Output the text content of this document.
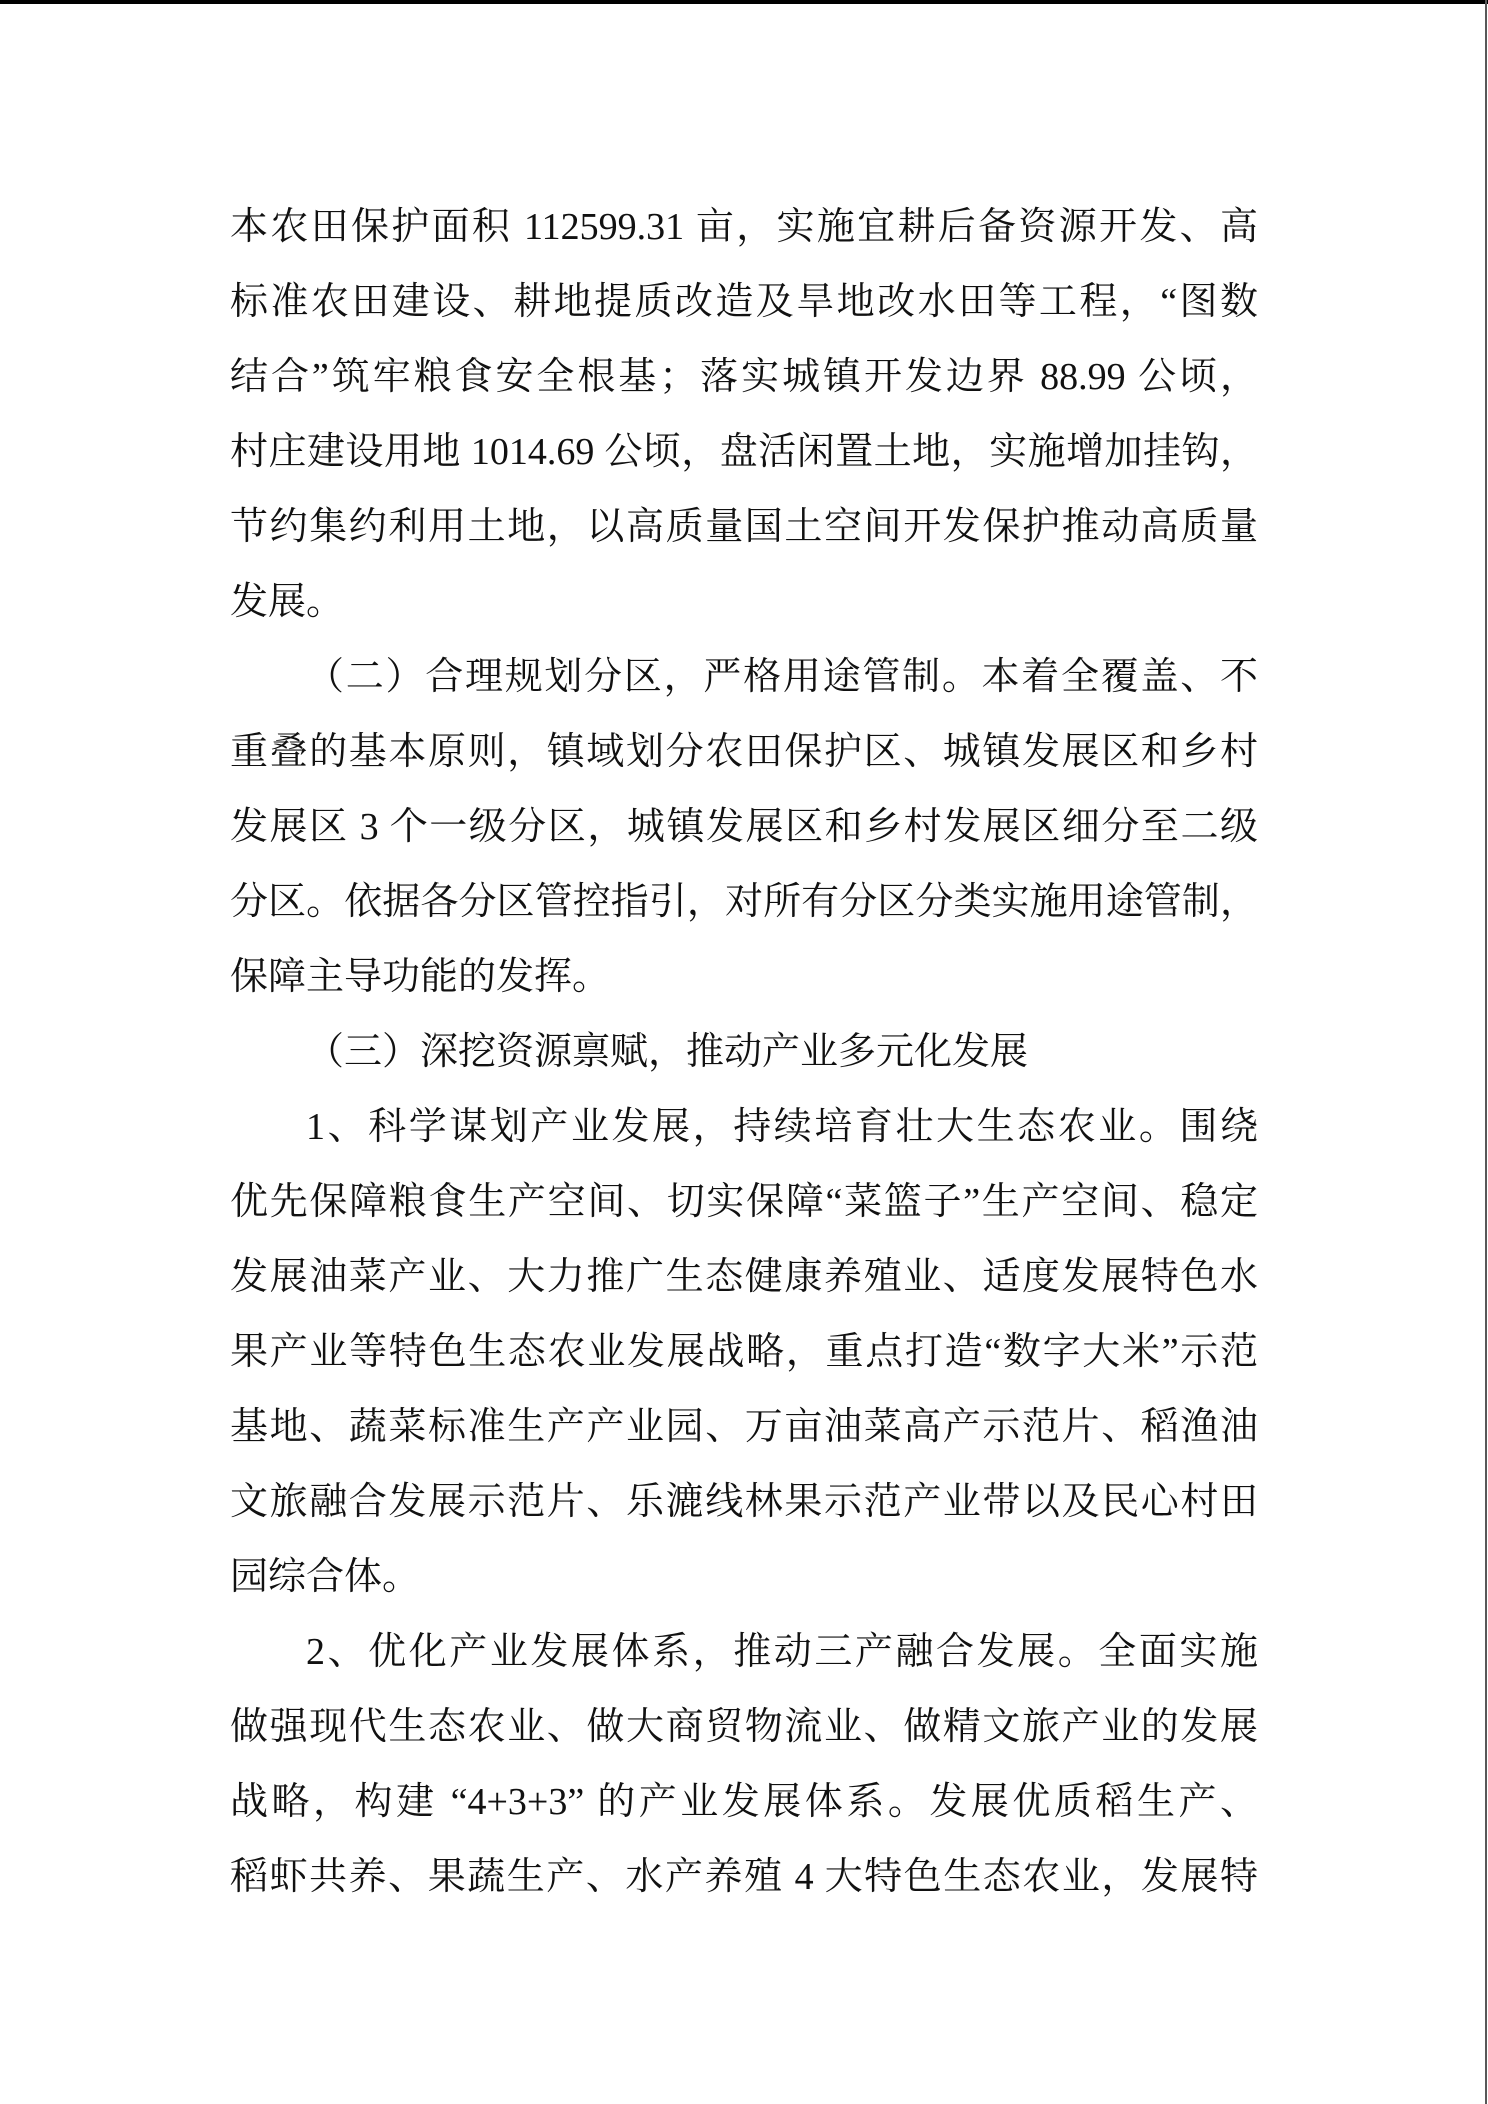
本农田保护面积 112599.31 亩，实施宜耕后备资源开发、高
标准农田建设、耕地提质改造及旱地改水田等工程，“图数
结合”筑牢粮食安全根基；落实城镇开发边界 88.99 公顷，
村庄建设用地 1014.69 公顷，盘活闲置土地，实施增加挂钩，
节约集约利用土地，以高质量国土空间开发保护推动高质量
发展。
（二）合理规划分区，严格用途管制。本着全覆盖、不
重叠的基本原则，镇域划分农田保护区、城镇发展区和乡村
发展区 3 个一级分区，城镇发展区和乡村发展区细分至二级
分区。依据各分区管控指引，对所有分区分类实施用途管制，
保障主导功能的发挥。
（三）深挖资源禀赋，推动产业多元化发展
1、科学谋划产业发展，持续培育壮大生态农业。围绕
优先保障粮食生产空间、切实保障“菜篮子”生产空间、稳定
发展油菜产业、大力推广生态健康养殖业、适度发展特色水
果产业等特色生态农业发展战略，重点打造“数字大米”示范
基地、蔬菜标准生产产业园、万亩油菜高产示范片、稻渔油
文旅融合发展示范片、乐漉线林果示范产业带以及民心村田
园综合体。
2、优化产业发展体系，推动三产融合发展。全面实施
做强现代生态农业、做大商贸物流业、做精文旅产业的发展
战略，构建 “4+3+3” 的产业发展体系。发展优质稻生产、
稻虾共养、果蔬生产、水产养殖 4 大特色生态农业，发展特
